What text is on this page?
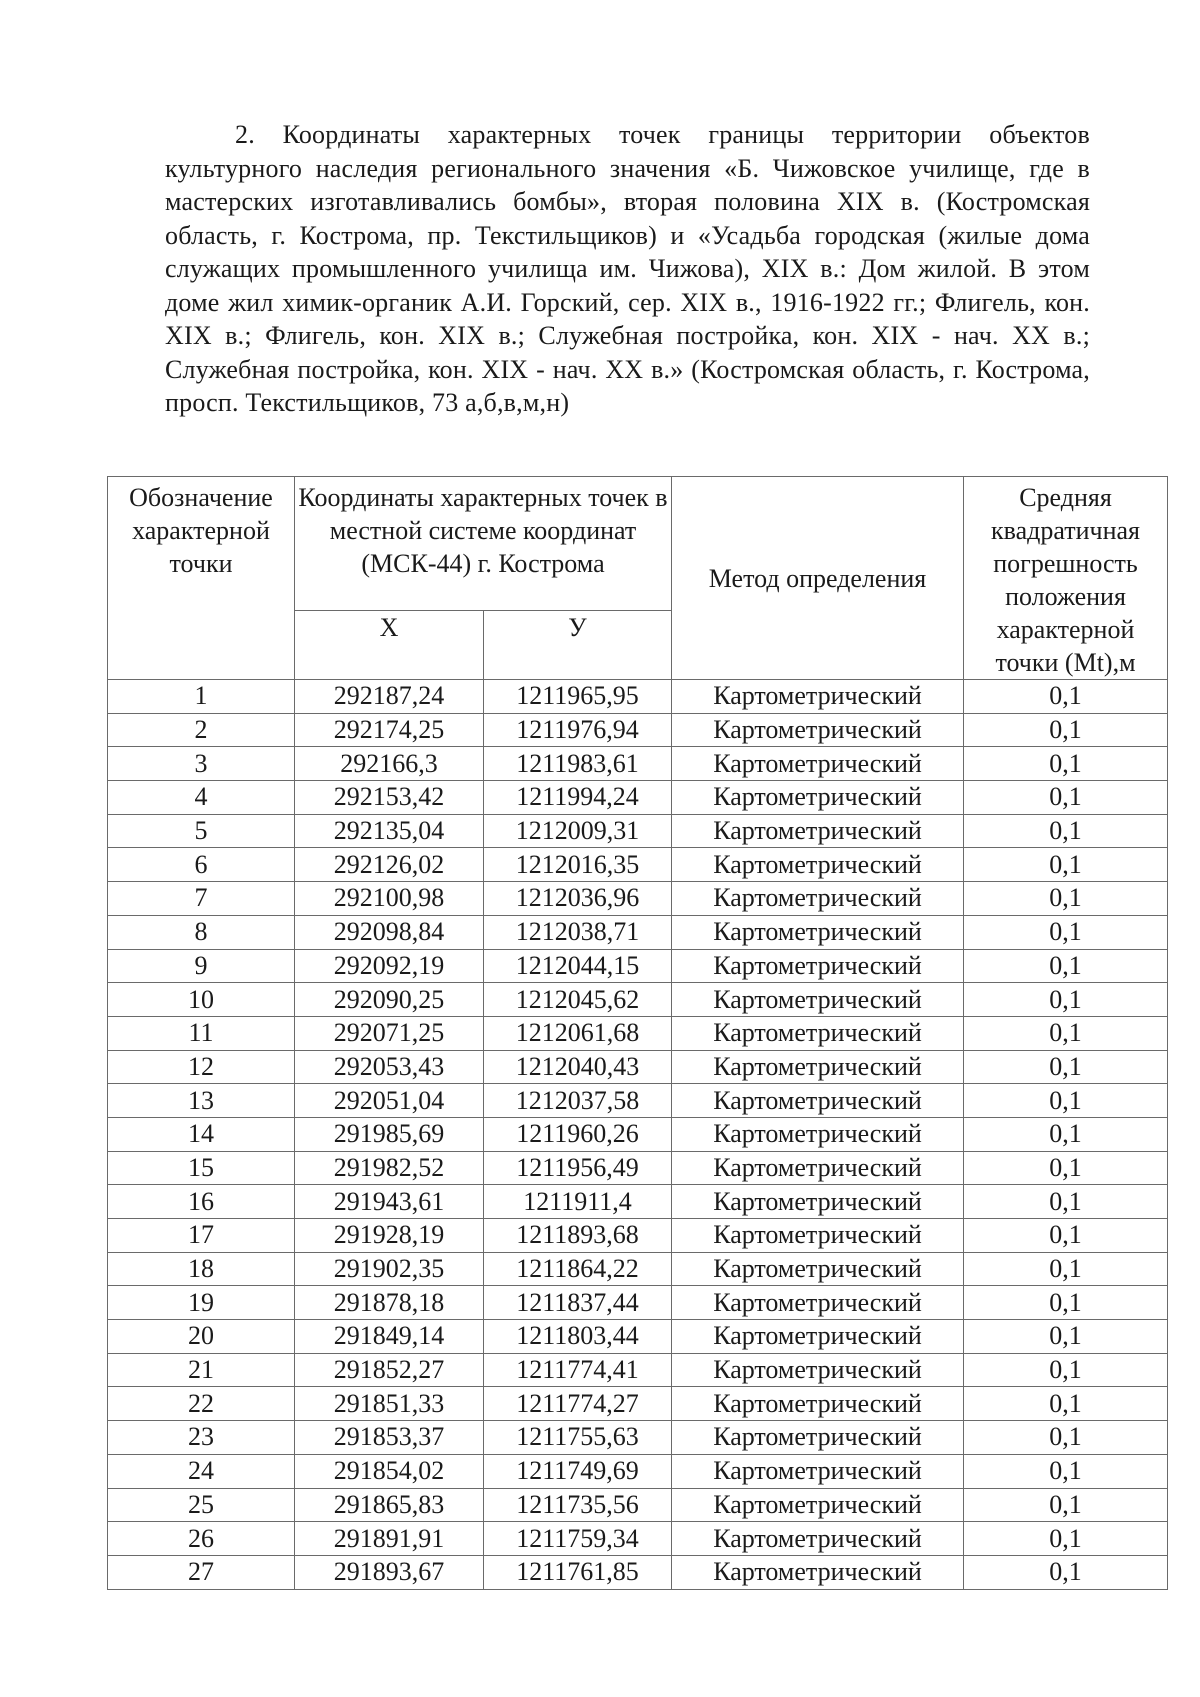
2. Координаты характерных точек границы территории объектов культурного наследия регионального значения «Б. Чижовское училище, где в мастерских изготавливались бомбы», вторая половина XIX в. (Костромская область, г. Кострома, пр. Текстильщиков) и «Усадьба городская (жилые дома служащих промышленного училища им. Чижова), XIX в.: Дом жилой. В этом доме жил химик-органик А.И. Горский, сер. XIX в., 1916-1922 гг.; Флигель, кон. XIX в.; Флигель, кон. XIX в.; Служебная постройка, кон. XIX - нач. XX в.; Служебная постройка, кон. XIX - нач. XX в.» (Костромская область, г. Кострома, просп. Текстильщиков, 73 а,б,в,м,н)

Обозначение характерной точки	Координаты характерных точек в местной системе координат (МСК-44) г. Кострома		Метод определения	Средняя квадратичная погрешность положения характерной точки (Mt),м
	Х	У		
1	292187,24	1211965,95	Картометрический	0,1
2	292174,25	1211976,94	Картометрический	0,1
3	292166,3	1211983,61	Картометрический	0,1
4	292153,42	1211994,24	Картометрический	0,1
5	292135,04	1212009,31	Картометрический	0,1
6	292126,02	1212016,35	Картометрический	0,1
7	292100,98	1212036,96	Картометрический	0,1
8	292098,84	1212038,71	Картометрический	0,1
9	292092,19	1212044,15	Картометрический	0,1
10	292090,25	1212045,62	Картометрический	0,1
11	292071,25	1212061,68	Картометрический	0,1
12	292053,43	1212040,43	Картометрический	0,1
13	292051,04	1212037,58	Картометрический	0,1
14	291985,69	1211960,26	Картометрический	0,1
15	291982,52	1211956,49	Картометрический	0,1
16	291943,61	1211911,4	Картометрический	0,1
17	291928,19	1211893,68	Картометрический	0,1
18	291902,35	1211864,22	Картометрический	0,1
19	291878,18	1211837,44	Картометрический	0,1
20	291849,14	1211803,44	Картометрический	0,1
21	291852,27	1211774,41	Картометрический	0,1
22	291851,33	1211774,27	Картометрический	0,1
23	291853,37	1211755,63	Картометрический	0,1
24	291854,02	1211749,69	Картометрический	0,1
25	291865,83	1211735,56	Картометрический	0,1
26	291891,91	1211759,34	Картометрический	0,1
27	291893,67	1211761,85	Картометрический	0,1
